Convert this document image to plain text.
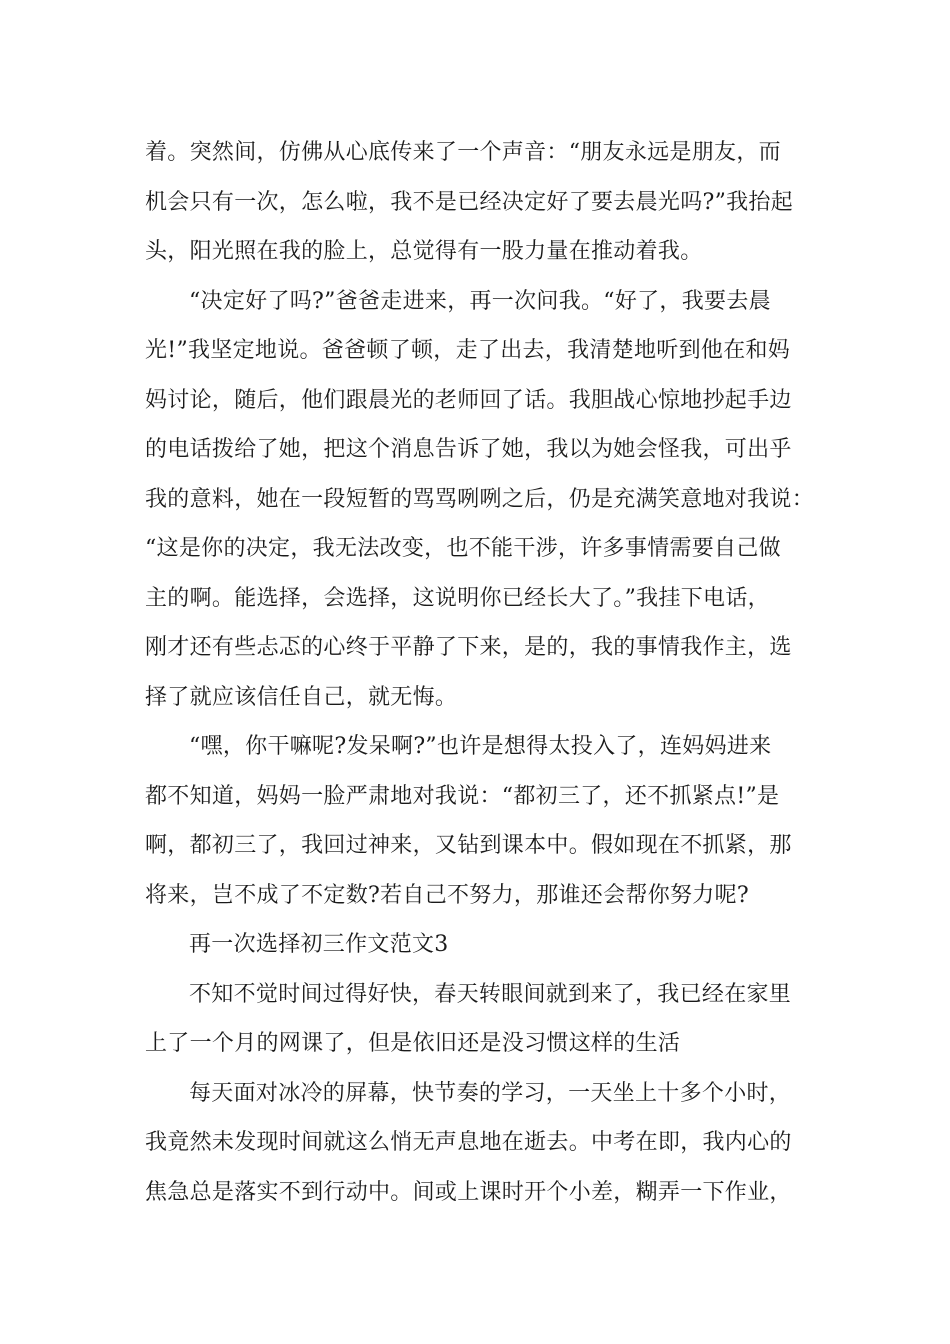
着。突然间，仿佛从心底传来了一个声音：“朋友永远是朋友，而
机会只有一次，怎么啦，我不是已经决定好了要去晨光吗?”我抬起
头，阳光照在我的脸上，总觉得有一股力量在推动着我。
“决定好了吗?”爸爸走进来，再一次问我。“好了，我要去晨
光!”我坚定地说。爸爸顿了顿，走了出去，我清楚地听到他在和妈
妈讨论，随后，他们跟晨光的老师回了话。我胆战心惊地抄起手边
的电话拨给了她，把这个消息告诉了她，我以为她会怪我，可出乎
我的意料，她在一段短暂的骂骂咧咧之后，仍是充满笑意地对我说：
“这是你的决定，我无法改变，也不能干涉，许多事情需要自己做
主的啊。能选择，会选择，这说明你已经长大了。”我挂下电话，
刚才还有些忐忑的心终于平静了下来，是的，我的事情我作主，选
择了就应该信任自己，就无悔。
“嘿，你干嘛呢?发呆啊?”也许是想得太投入了，连妈妈进来
都不知道，妈妈一脸严肃地对我说：“都初三了，还不抓紧点!”是
啊，都初三了，我回过神来，又钻到课本中。假如现在不抓紧，那
将来，岂不成了不定数?若自己不努力，那谁还会帮你努力呢?
再一次选择初三作文范文3
不知不觉时间过得好快，春天转眼间就到来了，我已经在家里
上了一个月的网课了，但是依旧还是没习惯这样的生活
每天面对冰冷的屏幕，快节奏的学习，一天坐上十多个小时，
我竟然未发现时间就这么悄无声息地在逝去。中考在即，我内心的
焦急总是落实不到行动中。间或上课时开个小差，糊弄一下作业，
